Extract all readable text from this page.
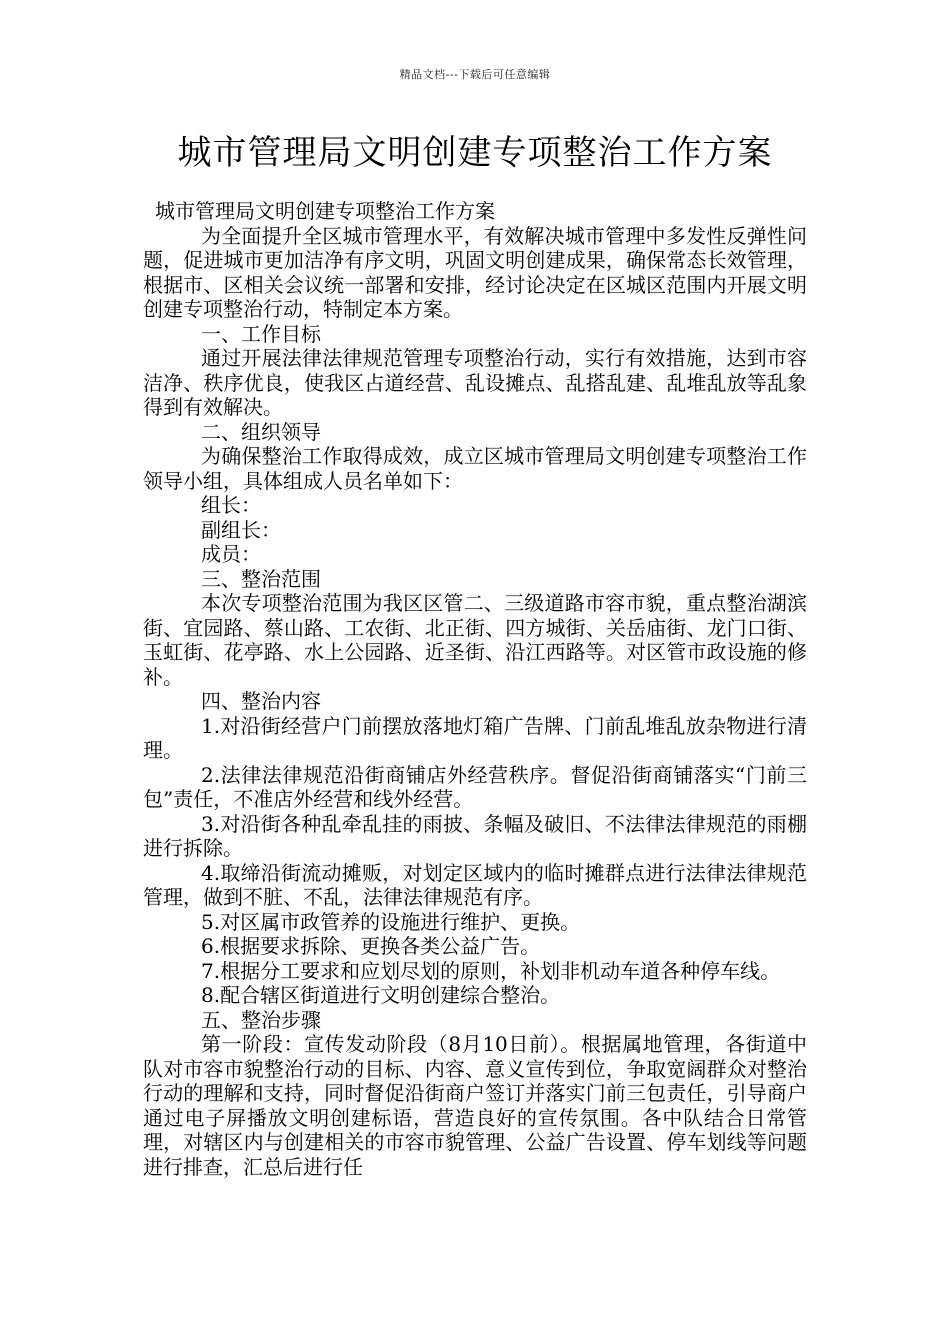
精品文档---下载后可任意编辑
城市管理局文明创建专项整治工作方案

城市管理局文明创建专项整治工作方案

为全面提升全区城市管理水平，有效解决城市管理中多发性反弹性问题，促进城市更加洁净有序文明，巩固文明创建成果，确保常态长效管理，根据市、区相关会议统一部署和安排，经讨论决定在区城区范围内开展文明创建专项整治行动，特制定本方案。

一、工作目标

通过开展法律法律规范管理专项整治行动，实行有效措施，达到市容洁净、秩序优良，使我区占道经营、乱设摊点、乱搭乱建、乱堆乱放等乱象得到有效解决。

二、组织领导

为确保整治工作取得成效，成立区城市管理局文明创建专项整治工作领导小组，具体组成人员名单如下：

组长：

副组长：

成员：

三、整治范围

本次专项整治范围为我区区管二、三级道路市容市貌，重点整治湖滨街、宜园路、蔡山路、工农街、北正街、四方城街、关岳庙街、龙门口街、玉虹街、花亭路、水上公园路、近圣街、沿江西路等。对区管市政设施的修补。

四、整治内容

1.对沿街经营户门前摆放落地灯箱广告牌、门前乱堆乱放杂物进行清理。

2.法律法律规范沿街商铺店外经营秩序。督促沿街商铺落实“门前三包”责任，不准店外经营和线外经营。

3.对沿街各种乱牵乱挂的雨披、条幅及破旧、不法律法律规范的雨棚进行拆除。

4.取缔沿街流动摊贩，对划定区域内的临时摊群点进行法律法律规范管理，做到不脏、不乱，法律法律规范有序。

5.对区属市政管养的设施进行维护、更换。

6.根据要求拆除、更换各类公益广告。

7.根据分工要求和应划尽划的原则，补划非机动车道各种停车线。

8.配合辖区街道进行文明创建综合整治。

五、整治步骤

第一阶段：宣传发动阶段（8月10日前）。根据属地管理，各街道中队对市容市貌整治行动的目标、内容、意义宣传到位，争取宽阔群众对整治行动的理解和支持，同时督促沿街商户签订并落实门前三包责任，引导商户通过电子屏播放文明创建标语，营造良好的宣传氛围。各中队结合日常管理，对辖区内与创建相关的市容市貌管理、公益广告设置、停车划线等问题进行排查，汇总后进行任
